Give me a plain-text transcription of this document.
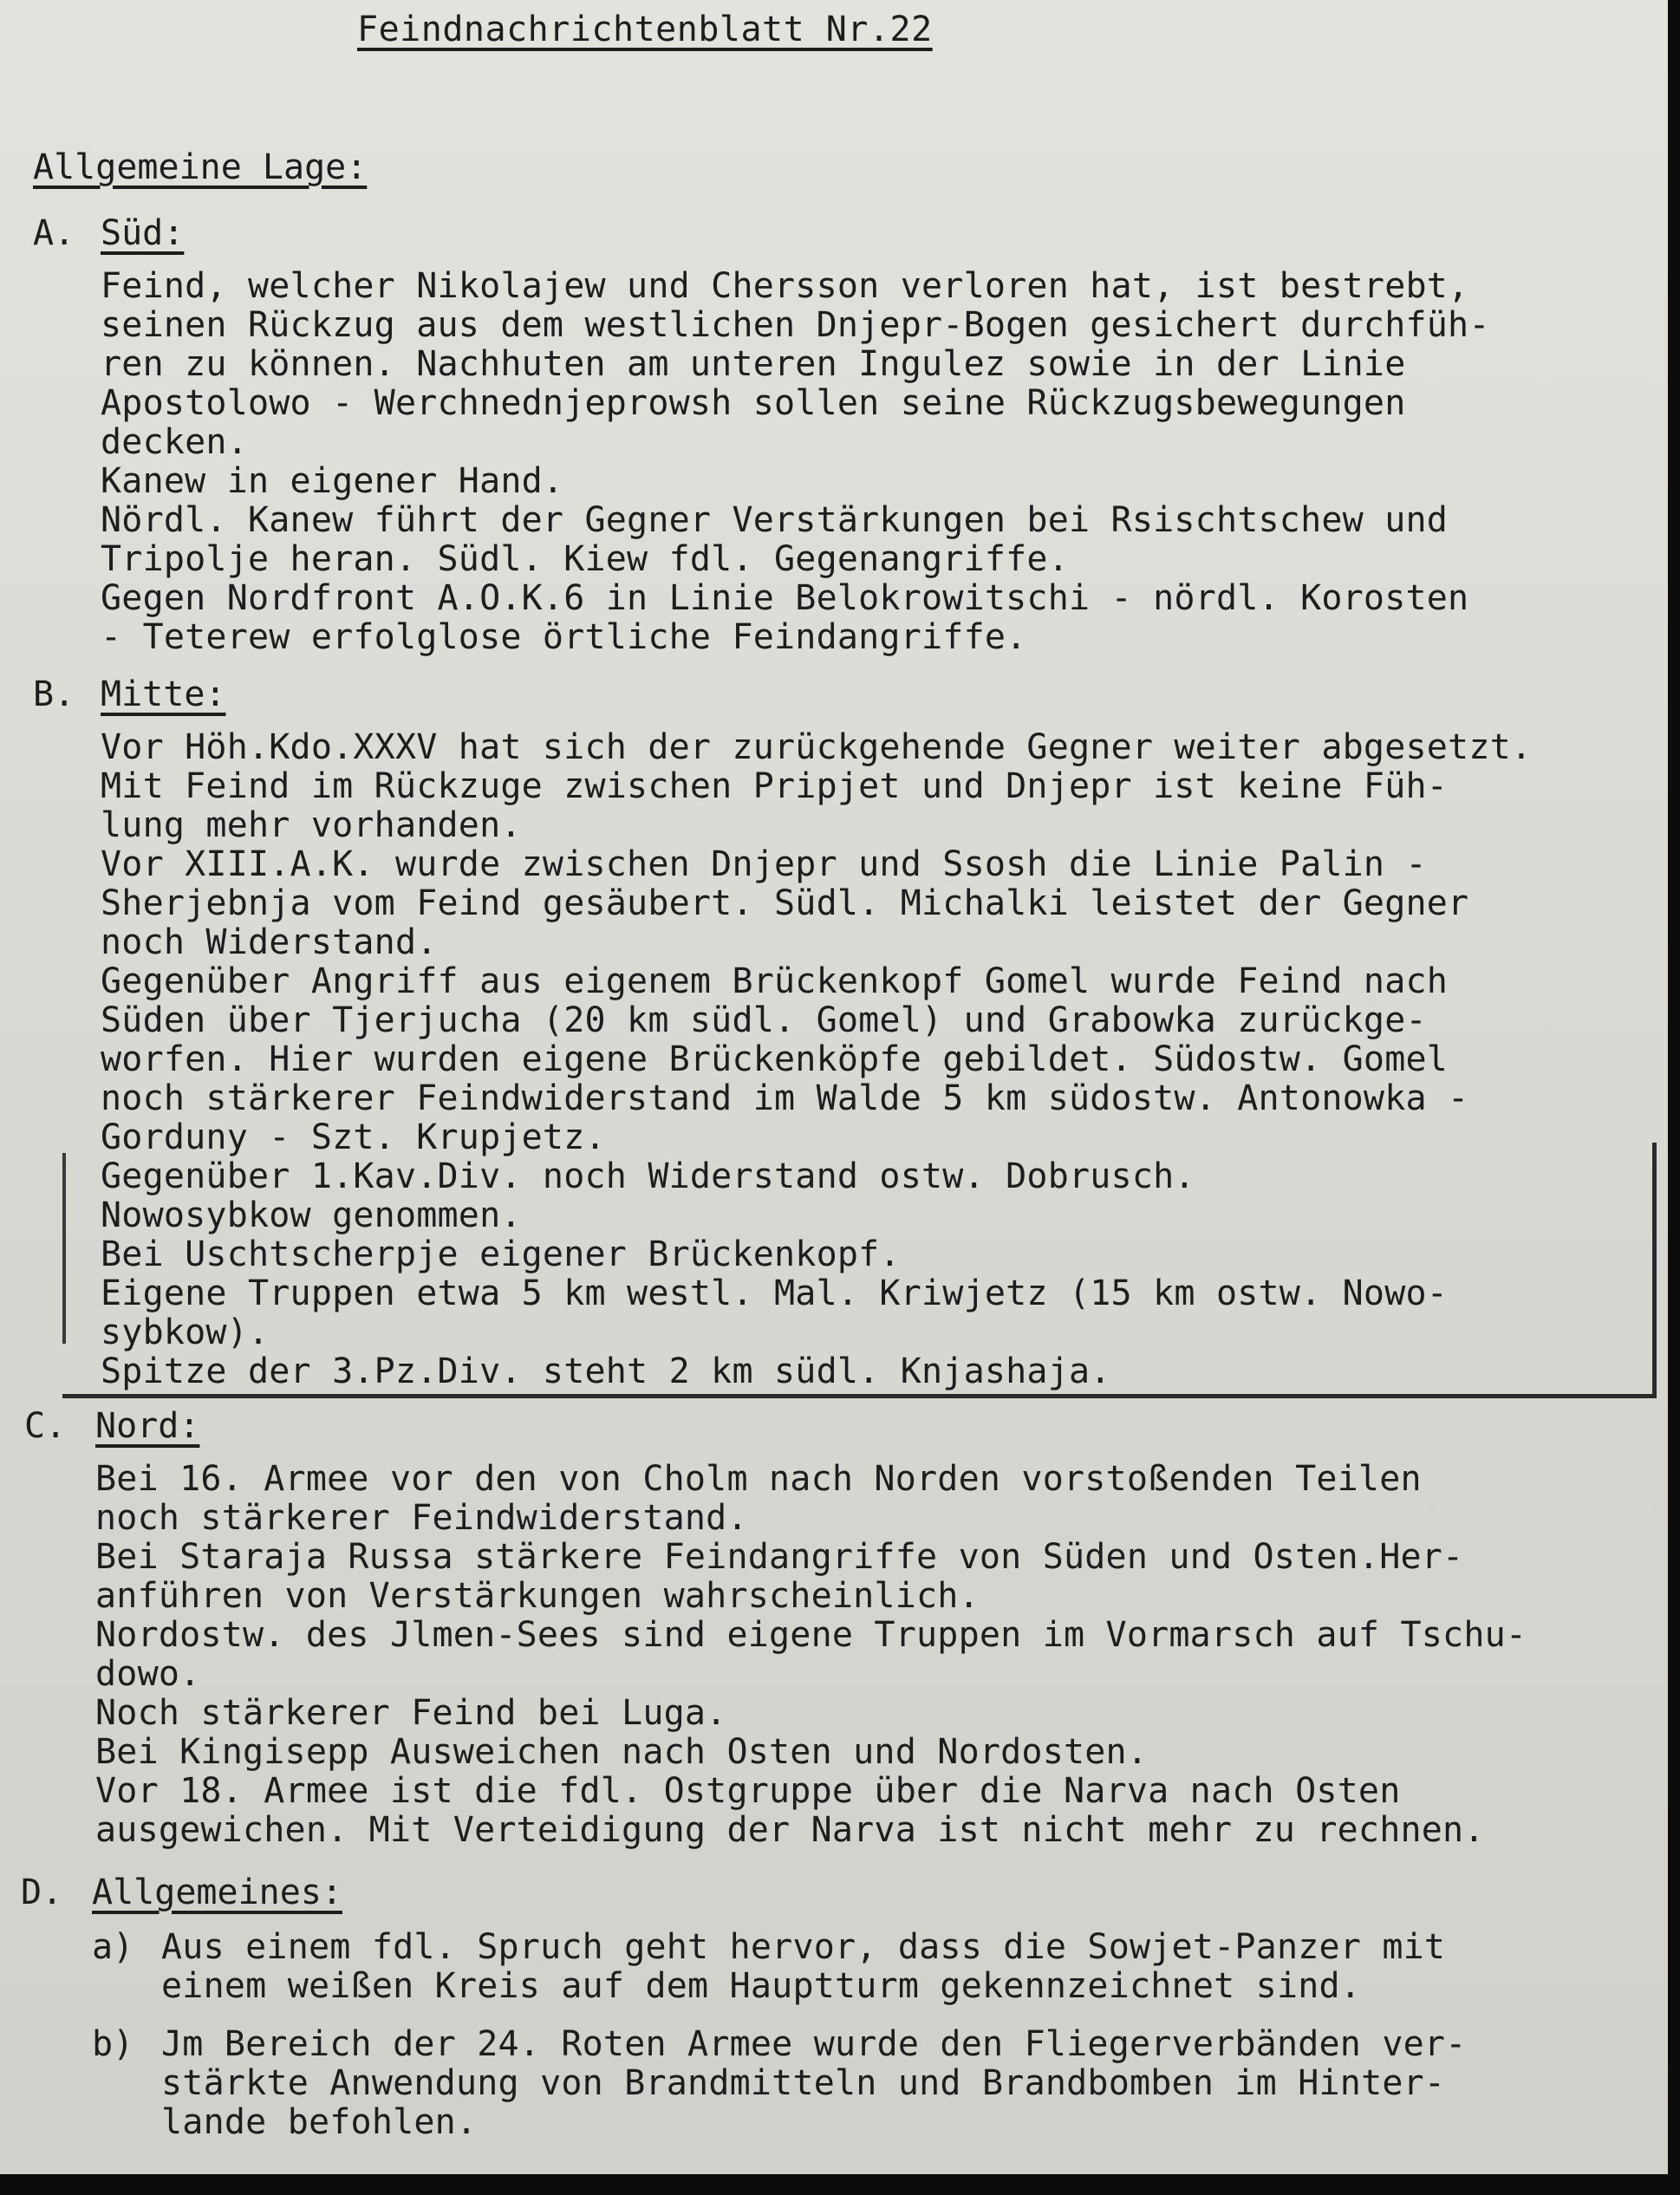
Feindnachrichtenblatt Nr.22
Allgemeine Lage:
A. Süd:
Feind, welcher Nikolajew und Chersson verloren hat, ist bestrebt,
seinen Rückzug aus dem westlichen Dnjepr-Bogen gesichert durchfüh-
ren zu können. Nachhuten am unteren Ingulez sowie in der Linie
Apostolowo - Werchnednjeprowsh sollen seine Rückzugsbewegungen
decken.
Kanew in eigener Hand.
Nördl. Kanew führt der Gegner Verstärkungen bei Rsischtschew und
Tripolje heran. Südl. Kiew fdl. Gegenangriffe.
Gegen Nordfront A.O.K.6 in Linie Belokrowitschi - nördl. Korosten
- Teterew erfolglose örtliche Feindangriffe.
B. Mitte:
Vor Höh.Kdo.XXXV hat sich der zurückgehende Gegner weiter abgesetzt.
Mit Feind im Rückzuge zwischen Pripjet und Dnjepr ist keine Füh-
lung mehr vorhanden.
Vor XIII.A.K. wurde zwischen Dnjepr und Ssosh die Linie Palin -
Sherjebnja vom Feind gesäubert. Südl. Michalki leistet der Gegner
noch Widerstand.
Gegenüber Angriff aus eigenem Brückenkopf Gomel wurde Feind nach
Süden über Tjerjucha (20 km südl. Gomel) und Grabowka zurückge-
worfen. Hier wurden eigene Brückenköpfe gebildet. Südostw. Gomel
noch stärkerer Feindwiderstand im Walde 5 km südostw. Antonowka -
Gorduny - Szt. Krupjetz.
Gegenüber 1.Kav.Div. noch Widerstand ostw. Dobrusch.
Nowosybkow genommen.
Bei Uschtscherpje eigener Brückenkopf.
Eigene Truppen etwa 5 km westl. Mal. Kriwjetz (15 km ostw. Nowo-
sybkow).
Spitze der 3.Pz.Div. steht 2 km südl. Knjashaja.
C. Nord:
Bei 16. Armee vor den von Cholm nach Norden vorstoßenden Teilen
noch stärkerer Feindwiderstand.
Bei Staraja Russa stärkere Feindangriffe von Süden und Osten.Her-
anführen von Verstärkungen wahrscheinlich.
Nordostw. des Jlmen-Sees sind eigene Truppen im Vormarsch auf Tschu-
dowo.
Noch stärkerer Feind bei Luga.
Bei Kingisepp Ausweichen nach Osten und Nordosten.
Vor 18. Armee ist die fdl. Ostgruppe über die Narva nach Osten
ausgewichen. Mit Verteidigung der Narva ist nicht mehr zu rechnen.
D. Allgemeines:
a) Aus einem fdl. Spruch geht hervor, dass die Sowjet-Panzer mit
einem weißen Kreis auf dem Hauptturm gekennzeichnet sind.
b) Jm Bereich der 24. Roten Armee wurde den Fliegerverbänden ver-
stärkte Anwendung von Brandmitteln und Brandbomben im Hinter-
lande befohlen.
